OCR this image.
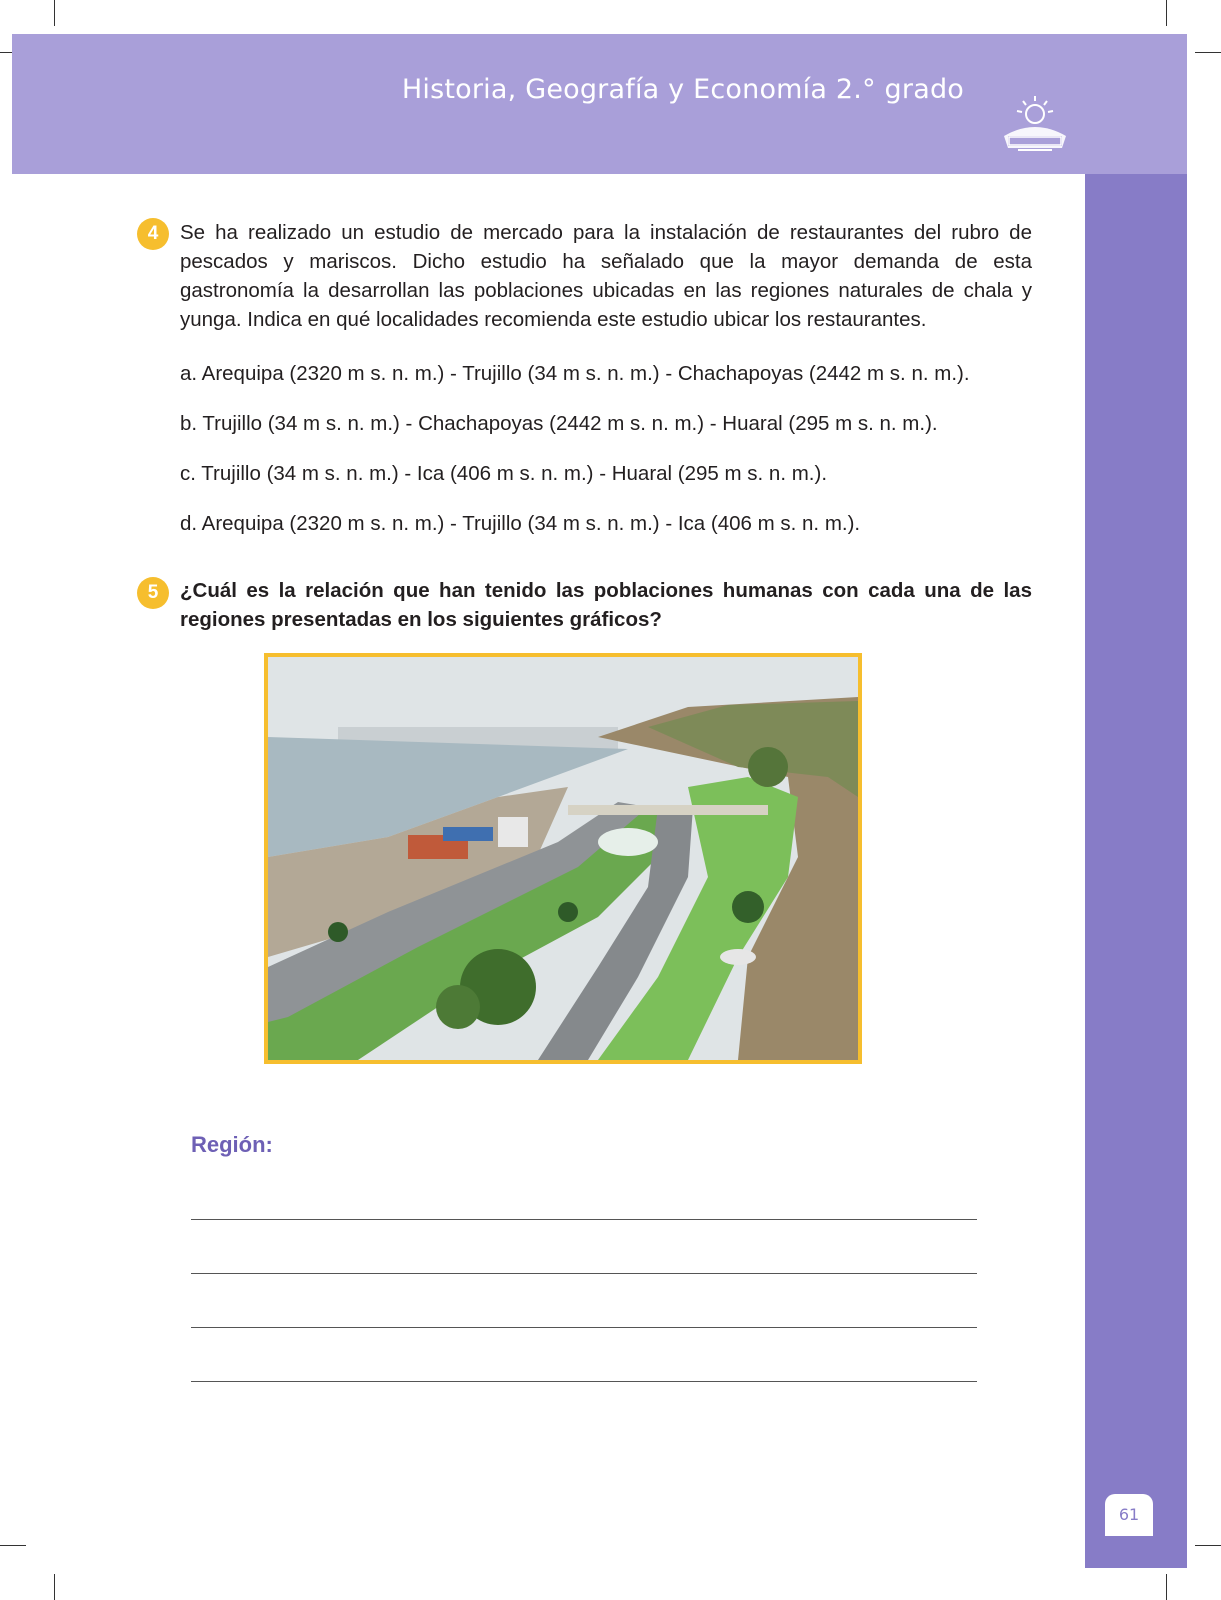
Historia, Geografía y Economía 2.° grado
61
4	Se ha realizado un estudio de mercado para la instalación de restaurantes del rubro de pescados y mariscos. Dicho estudio ha señalado que la mayor demanda de esta gastronomía la desarrollan las poblaciones ubicadas en las regiones naturales de chala y yunga. Indica en qué localidades recomienda este estudio ubicar los restaurantes.
a. Arequipa (2320 m s. n. m.) - Trujillo (34 m s. n. m.) - Chachapoyas (2442 m s. n. m.).
b. Trujillo (34 m s. n. m.) - Chachapoyas (2442 m s. n. m.) - Huaral (295 m s. n. m.).
c. Trujillo (34 m s. n. m.) - Ica (406 m s. n. m.) - Huaral (295 m s. n. m.).
d. Arequipa (2320 m s. n. m.) - Trujillo (34 m s. n. m.) - Ica (406 m s. n. m.).
5	¿Cuál es la relación que han tenido las poblaciones humanas con cada una de las regiones presentadas en los siguientes gráficos?
Región:
